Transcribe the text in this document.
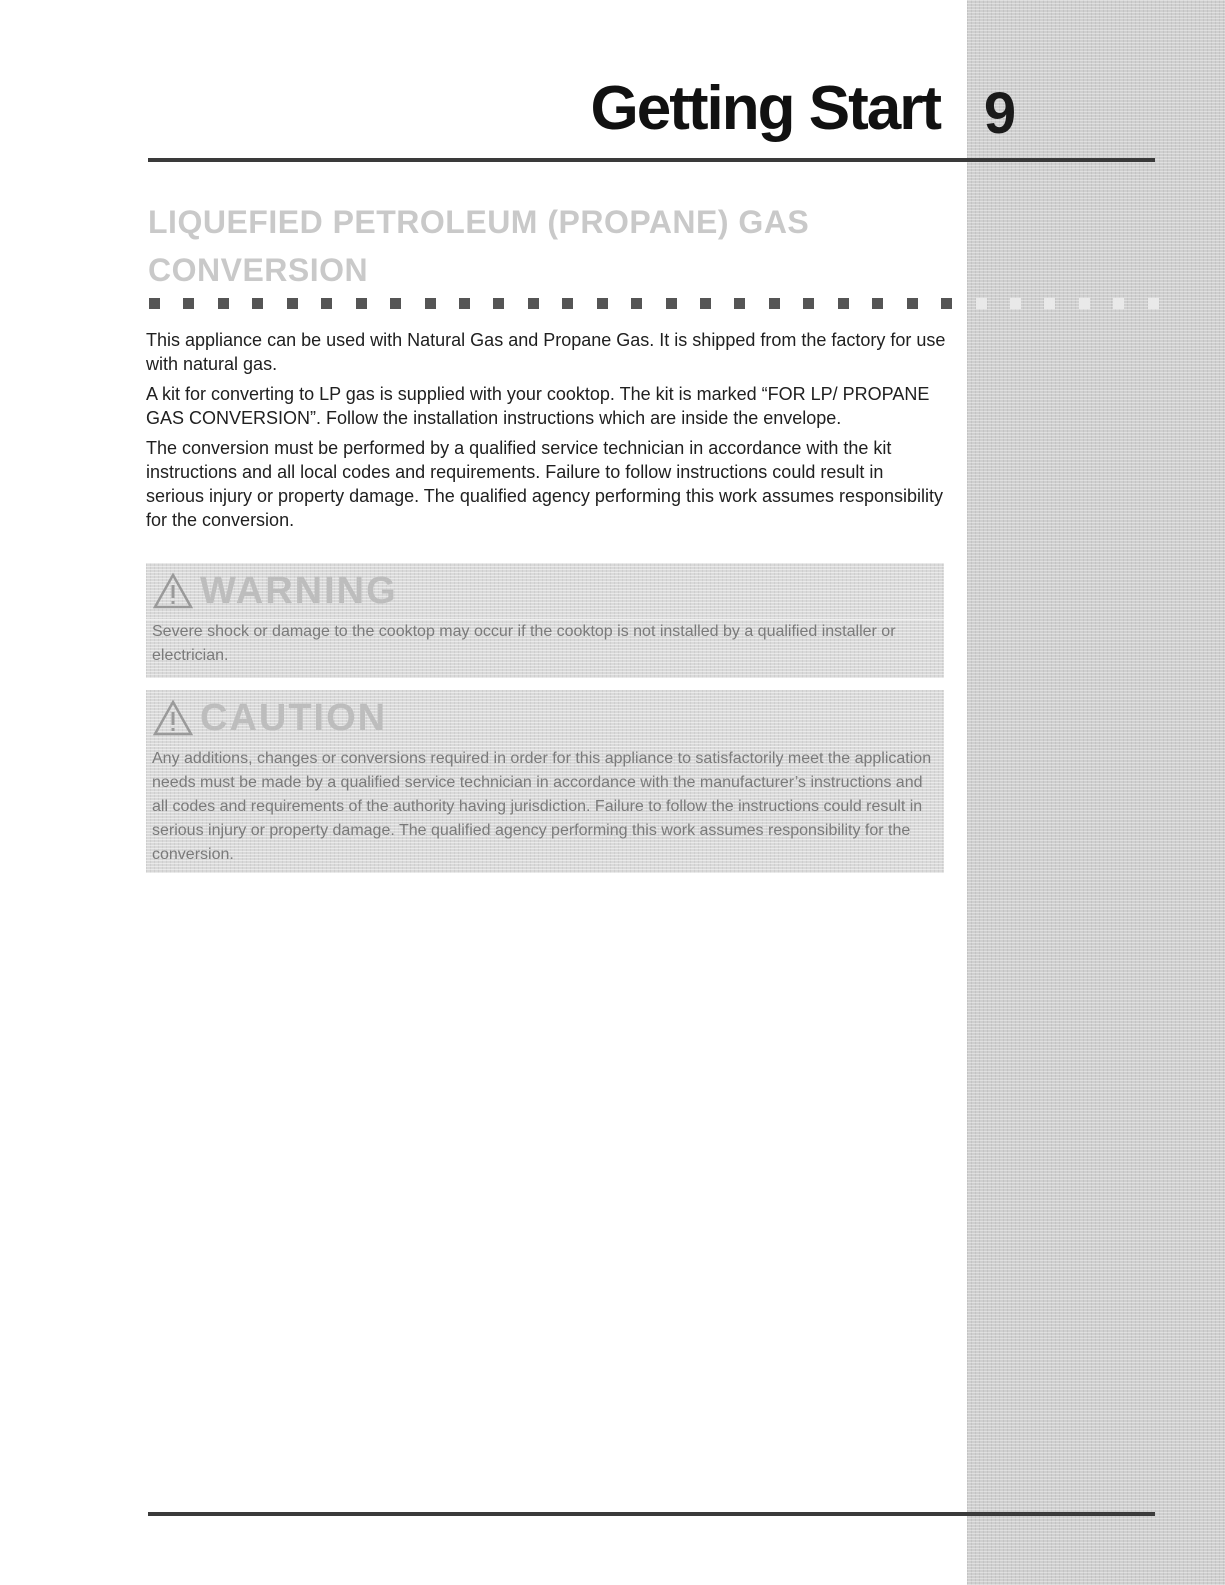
Getting Start 9
LIQUEFIED PETROLEUM (PROPANE) GAS CONVERSION

This appliance can be used with Natural Gas and Propane Gas. It is shipped from the factory for use with natural gas.

A kit for converting to LP gas is supplied with your cooktop. The kit is marked “FOR LP/ PROPANE GAS CONVERSION”. Follow the installation instructions which are inside the envelope.

The conversion must be performed by a qualified service technician in accordance with the kit instructions and all local codes and requirements. Failure to follow instructions could result in serious injury or property damage. The qualified agency performing this work assumes responsibility for the conversion.

WARNING
Severe shock or damage to the cooktop may occur if the cooktop is not installed by a qualified installer or electrician.
CAUTION
Any additions, changes or conversions required in order for this appliance to satisfactorily meet the application needs must be made by a qualified service technician in accordance with the manufacturer’s instructions and all codes and requirements of the authority having jurisdiction. Failure to follow the instructions could result in serious injury or property damage. The qualified agency performing this work assumes responsibility for the conversion.
